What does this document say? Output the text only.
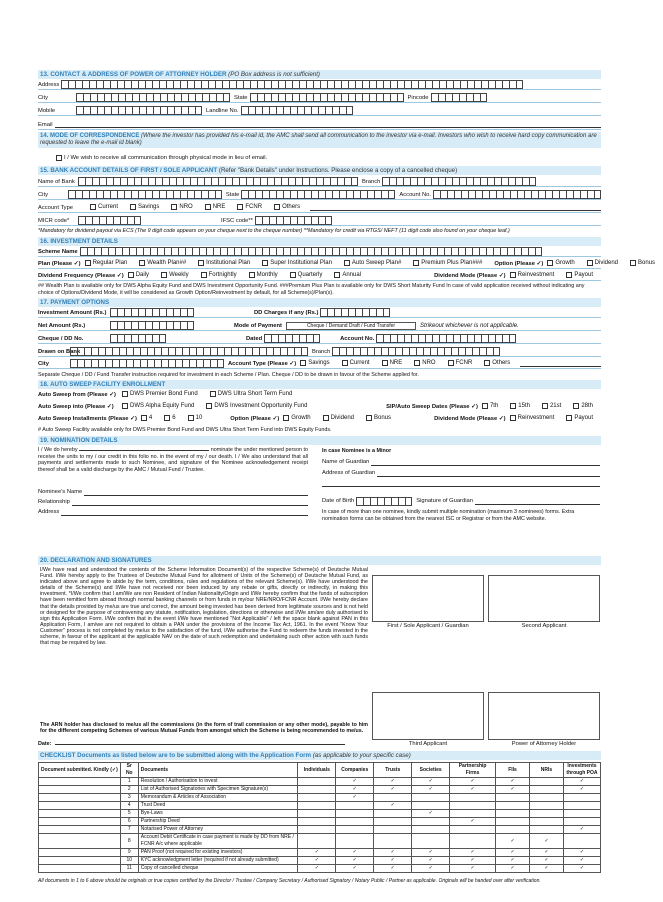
13. CONTACT & ADDRESS OF POWER OF ATTORNEY HOLDER (PO Box address is not sufficient)
Address
City	State	Pincode
Mobile	Landline No.
Email
14. MODE OF CORRESPONDENCE (Where the investor has provided his e-mail id, the AMC shall send all communication to the investor via e-mail. Investors who wish to receive hard copy communication are requested to leave the e-mail id blank)
I / We wish to receive all communication through physical mode in lieu of email.
15. BANK ACCOUNT DETAILS OF FIRST / SOLE APPLICANT (Refer "Bank Details" under Instructions. Please enclose a copy of a cancelled cheque)
Name of Bank	Branch
City	State	Account No.
Account Type	Current	Savings	NRO	NRE	FCNR	Others
MICR code*	IFSC code**
*Mandatory for dividend payout via ECS (The 9 digit code appears on your cheque next to the cheque number) **Mandatory for credit via RTGS/ NEFT (11 digit code also found on your cheque leaf.)
16. INVESTMENT DETAILS
Scheme Name
Plan (Please ✓) Regular Plan	Wealth Plan##	Institutional Plan	Super Institutional Plan	Auto Sweep Plan#	Premium Plus Plan### Option (Please ✓) Growth	Dividend	Bonus
Dividend Frequency (Please ✓) Daily	Weekly	Fortnightly	Monthly	Quarterly	Annual	Dividend Mode (Please ✓) Reinvestment	Payout
## Wealth Plan is available only for DWS Alpha Equity Fund and DWS Investment Opportunity Fund. ###Premium Plus Plan is available only for DWS Short Maturity Fund In case of valid application received without indicating any choice of Options/Dividend Mode, it will be considered as Growth Option/Reinvestment by default, for all Scheme(s)/Plan(s).
17. PAYMENT OPTIONS
Investment Amount (Rs.)	DD Charges if any (Rs.)
Net Amount (Rs.)	Mode of Payment	Cheque / Demand Draft / Fund Transfer	Strikeout whichever is not applicable.
Cheque / DD No.	Dated	Account No.
Drawn on Bank	Branch
City	Account Type (Please ✓) Savings	Current	NRE	NRO	FCNR	Others
Separate Cheque / DD / Fund Transfer instruction required for investment in each Scheme / Plan. Cheque / DD to be drawn in favour of the Scheme applied for.
18. AUTO SWEEP FACILITY ENROLLMENT
Auto Sweep from (Please ✓)	DWS Premier Bond Fund	DWS Ultra Short Term Fund
Auto Sweep into (Please ✓)	DWS Alpha Equity Fund	DWS Investment Opportunity Fund	SIP/Auto Sweep Dates (Please ✓) 7th	15th	21st	28th
Auto Sweep Installments (Please ✓) 4	6	10	Option (Please ✓) Growth	Dividend	Bonus	Dividend Mode (Please ✓) Reinvestment	Payout
# Auto Sweep Facility available only for DWS Premier Bond Fund and DWS Ultra Short Term Fund into DWS Equity Funds.
19. NOMINATION DETAILS
I / We do hereby	nominate the under mentioned person to receive the units to my / our credit in this folio no. in the event of my / our death. I / We also understand that all payments and settlements made to such Nominee, and signature of the Nominee acknowledgement receipt thereof shall be a valid discharge by the AMC / Mutual Fund / Trustee.
Nominee's Name
Relationship
Address
In case Nominee is a Minor
Name of Guardian
Address of Guardian
Date of Birth	Signature of Guardian
In case of more than one nominee, kindly submit multiple nomination (maximum 3 nominees) forms. Extra nomination forms can be obtained from the nearest ISC or Registrar or from the AMC website.
20. DECLARATION AND SIGNATURES
I/We have read and understood the contents of the Scheme Information Document(s) of the respective Scheme(s) of Deutsche Mutual Fund. I/We hereby apply to the Trustees of Deutsche Mutual Fund for allotment of Units of the Scheme(s) of Deutsche Mutual Fund, as indicated above and agree to abide by the term, conditions, rules and regulations of the relevant Scheme(s). I/We have understood the details of the Scheme(s) and I/We have not received nor been induced by any rebate or gifts, directly or indirectly, in making this investment. *I/We confirm that I am/We are non Resident of Indian Nationality/Origin and I/We hereby confirm that the funds of subscription have been remitted form abroad through normal banking channels or from funds in my/our NRE/NRO/FCNR Account. I/We hereby declare that the details provided by me/us are true and correct, the amount being invested has been derived from legitimate sources and is not held or designed for the purpose of contravening any statute, notification, legislation, directions or otherwise and I/We am/are duly authorised to sign this Application Form. I/We confirm that in the event I/We have mentioned "Not Applicable" / left the space blank against PAN in this Application Form, I am/we are not required to obtain a PAN under the provisions of the Income Tax Act, 1961. In the event "Know Your Customer" process is not completed by me/us to the satisfaction of the fund, I/We authorise the Fund to redeem the funds invested in the scheme, in favour of the applicant at the applicable NAV on the date of such redemption and undertaking such other action with such funds that may be required by law.
The ARN holder has disclosed to me/us all the commissions (in the form of trail commission or any other mode), payable to him for the different competing Schemes of various Mutual Funds from amongst which the Scheme is being recommended to me/us.
Date:
First / Sole Applicant / Guardian	Second Applicant
Third Applicant	Power of Attorney Holder
CHECKLIST Documents as listed below are to be submitted along with the Application Form (as applicable to your specific case)
Document submitted. Kindly (✓)	Sr No	Documents	Individuals	Companies	Trusts	Societies	Partnership Firms	FIIs	NRIs	Investments through POA
	1	Resolution / Authorisation to invest		✓	✓	✓	✓	✓		✓
	2	List of Authorised Signatories with Specimen Signature(s)		✓	✓	✓	✓	✓		✓
	3	Memorandum & Articles of Association		✓						
	4	Trust Deed			✓					
	5	Bye-Laws				✓				
	6	Partnership Deed					✓			
	7	Notarised Power of Attorney								✓
	8	Account Debit Certificate in case payment is made by DD from NRE / FCNR A/c where applicable						✓	✓	
	9	PAN Proof (not required for existing investors)	✓	✓	✓	✓	✓	✓	✓	✓
	10	KYC acknowledgment letter (required if not already submitted)	✓	✓	✓	✓	✓	✓	✓	✓
	11	Copy of cancelled cheque	✓	✓	✓	✓	✓	✓	✓	✓
All documents in 1 to 6 above should be originals or true copies certified by the Director / Trustee / Company Secretary / Authorised Signatory / Notary Public / Partner as applicable. Originals will be handed over after verification.
